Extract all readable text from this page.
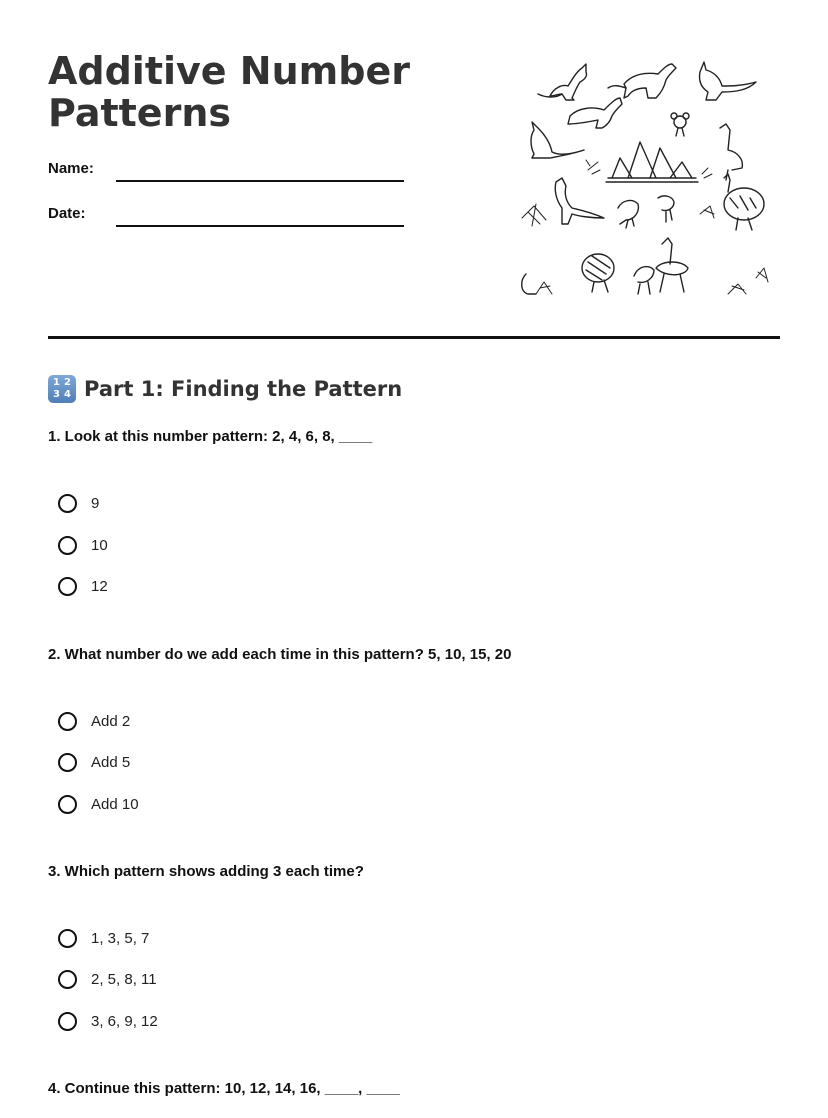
Additive Number
Patterns
Name:
Date:
1 2
3 4 Part 1: Finding the Pattern
1. Look at this number pattern: 2, 4, 6, 8, ____
9
10
12
2. What number do we add each time in this pattern? 5, 10, 15, 20
Add 2
Add 5
Add 10
3. Which pattern shows adding 3 each time?
1, 3, 5, 7
2, 5, 8, 11
3, 6, 9, 12
4. Continue this pattern: 10, 12, 14, 16, ____, ____
